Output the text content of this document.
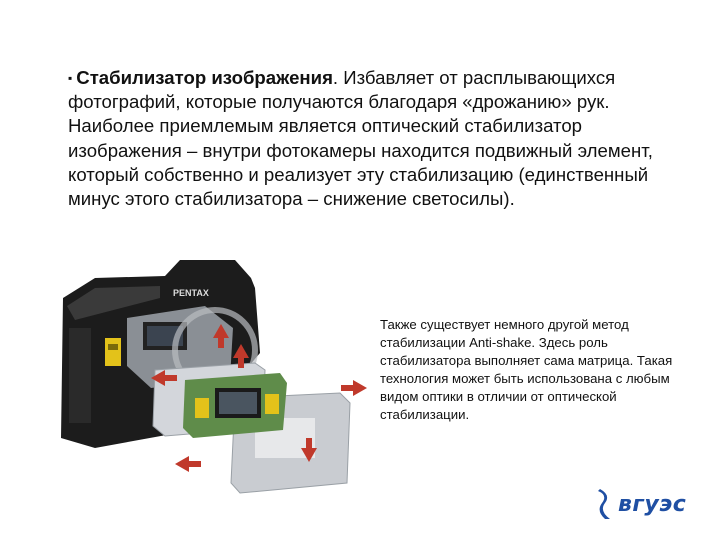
▪ Стабилизатор изображения. Избавляет от расплывающихся фотографий, которые получаются благодаря «дрожанию» рук. Наиболее приемлемым является оптический стабилизатор изображения – внутри фотокамеры находится подвижный элемент, который собственно и реализует эту стабилизацию (единственный минус этого стабилизатора – снижение светосилы).
PENTAX
Также существует немного другой метод стабилизации Anti-shake. Здесь роль стабилизатора выполняет сама матрица. Такая технология может быть использована с любым видом оптики в отличии от оптической стабилизации.
вгуэс
